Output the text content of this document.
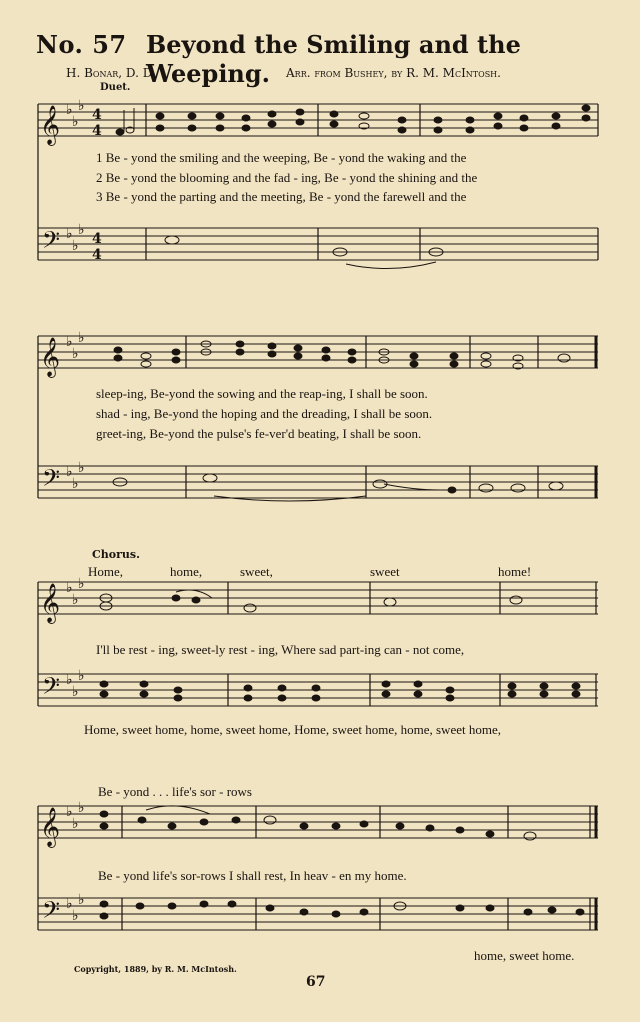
No. 57 Beyond the Smiling and the Weeping.
H. Bonar, D. D.	Arr. from Bushey, by R. M. McIntosh.
Duet.
𝄞
𝄢
𝄞
𝄢
𝄞
𝄢
𝄞
𝄢
♭
♭
♭
♭
♭
♭
♭
♭
♭
♭
♭
♭
♭
♭
♭
♭
♭
♭
♭
♭
♭
♭
♭
♭
4
4
4
4
1 Be - yond the smiling and the weeping, Be - yond the waking and the
2 Be - yond the blooming and the fad - ing, Be - yond the shining and the
3 Be - yond the parting and the meeting, Be - yond the farewell and the
sleep-ing, Be-yond the sowing and the reap-ing, I shall be soon.
shad - ing, Be-yond the hoping and the dreading, I shall be soon.
greet-ing, Be-yond the pulse's fe-ver'd beating, I shall be soon.
Chorus.
Home,	home,	sweet,	sweet	home!
I'll be rest - ing, sweet-ly rest - ing, Where sad part-ing can - not come,
Home, sweet home, home, sweet home, Home, sweet home, home, sweet home,
Be - yond . . . life's sor - rows
Be - yond life's sor-rows I shall rest, In heav - en my home.
home, sweet home.
Copyright, 1889, by R. M. McIntosh.
67
